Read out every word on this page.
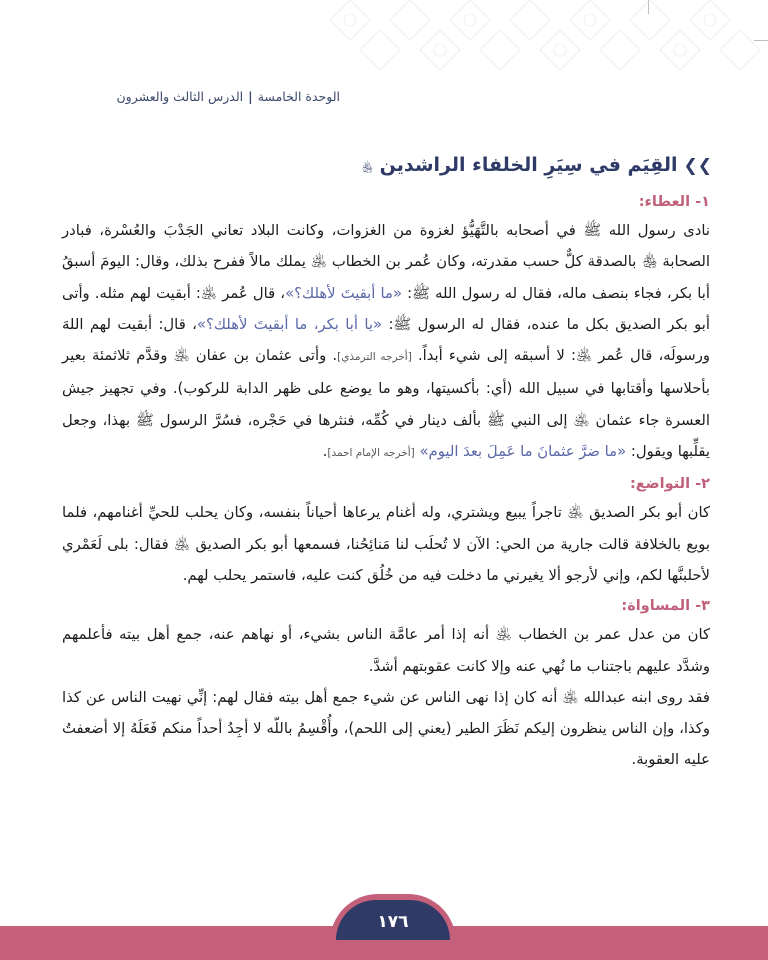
الوحدة الخامسة|الدرس الثالث والعشرون
❯❯القِيَم في سِيَرِ الخلفاء الراشدين ﵃
١- العطاء:

نادى رسول الله ﷺ في أصحابه بالتَّهَيُّؤ لغزوة من الغزوات، وكانت البلاد تعاني الجَدْبَ والعُسْرة، فبادر الصحابة ﵃ بالصدقة كلٌّ حسب مقدرته، وكان عُمر بن الخطاب ﵁ يملك مالاً ففرح بذلك، وقال: اليومَ أسبقُ أبا بكر، فجاء بنصف ماله، فقال له رسول الله ﷺ: «ما أبقيتَ لأهلك؟»، قال عُمر ﵁: أبقيت لهم مثله. وأتى أبو بكر الصديق بكل ما عنده، فقال له الرسول ﷺ: «يا أبا بكر، ما أبقيتَ لأهلك؟»، قال: أبقيت لهم اللهَ ورسولَه، قال عُمر ﵁: لا أسبقه إلى شيء أبداً. [أخرجه الترمذي]. وأتى عثمان بن عفان ﵁ وقدَّم ثلاثمئة بعير بأحلاسها وأقتابها في سبيل الله (أي: بأكسيتها، وهو ما يوضع على ظهر الدابة للركوب). وفي تجهيز جيش العسرة جاء عثمان ﵁ إلى النبي ﷺ بألف دينار في كُمِّه، فنثرها في حَجْره، فسُرَّ الرسول ﷺ بهذا، وجعل يقلِّبها ويقول: «ما ضرَّ عثمانَ ما عَمِلَ بعدَ اليوم» [أخرجه الإمام احمد].

٢- التواضع:

كان أبو بكر الصديق ﵁ تاجراً يبيع ويشتري، وله أغنام يرعاها أحياناً بنفسه، وكان يحلب للحيِّ أغنامهم، فلما بويع بالخلافة قالت جارية من الحي: الآن لا تُحلَب لنا مَنائِحُنا، فسمعها أبو بكر الصديق ﵁ فقال: بلى لَعَمْري لأحلبنَّها لكم، وإني لأرجو ألا يغيرني ما دخلت فيه من خُلُق كنت عليه، فاستمر يحلب لهم.

٣- المساواة:

كان من عدل عمر بن الخطاب ﵁ أنه إذا أمر عامَّة الناس بشيء، أو نهاهم عنه، جمع أهل بيته فأعلمهم وشدَّد عليهم باجتناب ما نُهي عنه وإلا كانت عقوبتهم أشدَّ.

فقد روى ابنه عبدالله ﵁ أنه كان إذا نهى الناس عن شيء جمع أهل بيته فقال لهم: إنِّي نهيت الناس عن كذا وكذا، وإن الناس ينظرون إليكم نَظَرَ الطير (يعني إلى اللحم)، وأُقْسِمُ باللّه لا أجِدُ أحداً منكم فَعَلَهُ إلا أضعفتُ عليه العقوبة.

١٧٦
